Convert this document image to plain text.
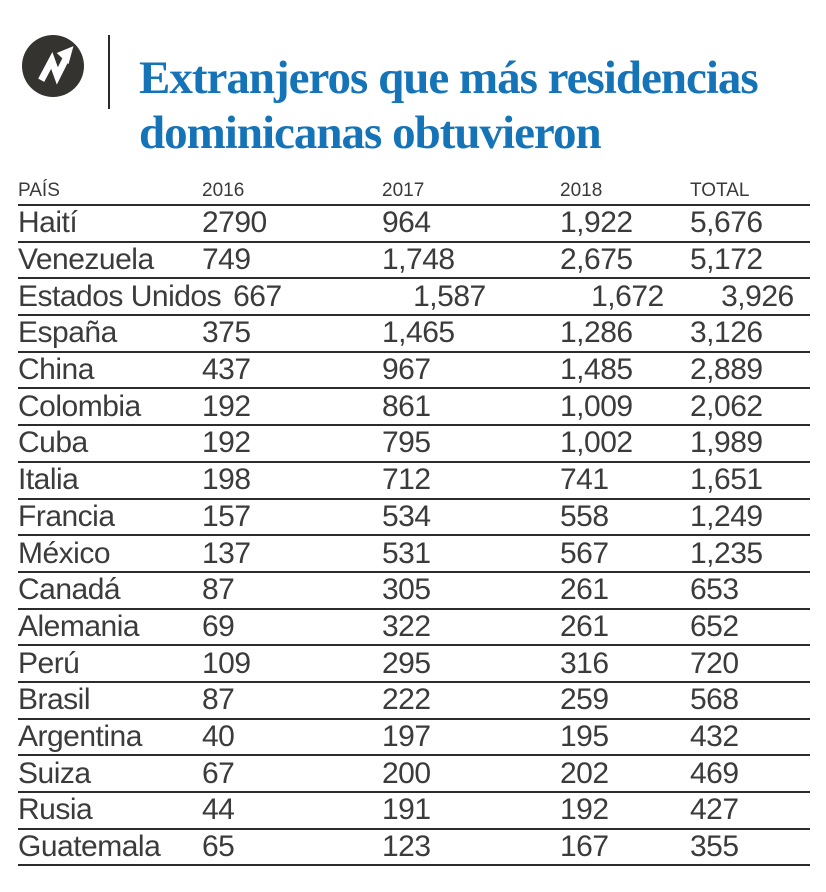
Extranjeros que más residencias dominicanas obtuvieron
PAÍS	2016	2017	2018	TOTAL
Haití	2790	964	1,922	5,676
Venezuela	749	1,748	2,675	5,172
Estados Unidos 667	1,587	1,672	3,926
España	375	1,465	1,286	3,126
China	437	967	1,485	2,889
Colombia	192	861	1,009	2,062
Cuba	192	795	1,002	1,989
Italia	198	712	741	1,651
Francia	157	534	558	1,249
México	137	531	567	1,235
Canadá	87	305	261	653
Alemania	69	322	261	652
Perú	109	295	316	720
Brasil	87	222	259	568
Argentina	40	197	195	432
Suiza	67	200	202	469
Rusia	44	191	192	427
Guatemala	65	123	167	355
